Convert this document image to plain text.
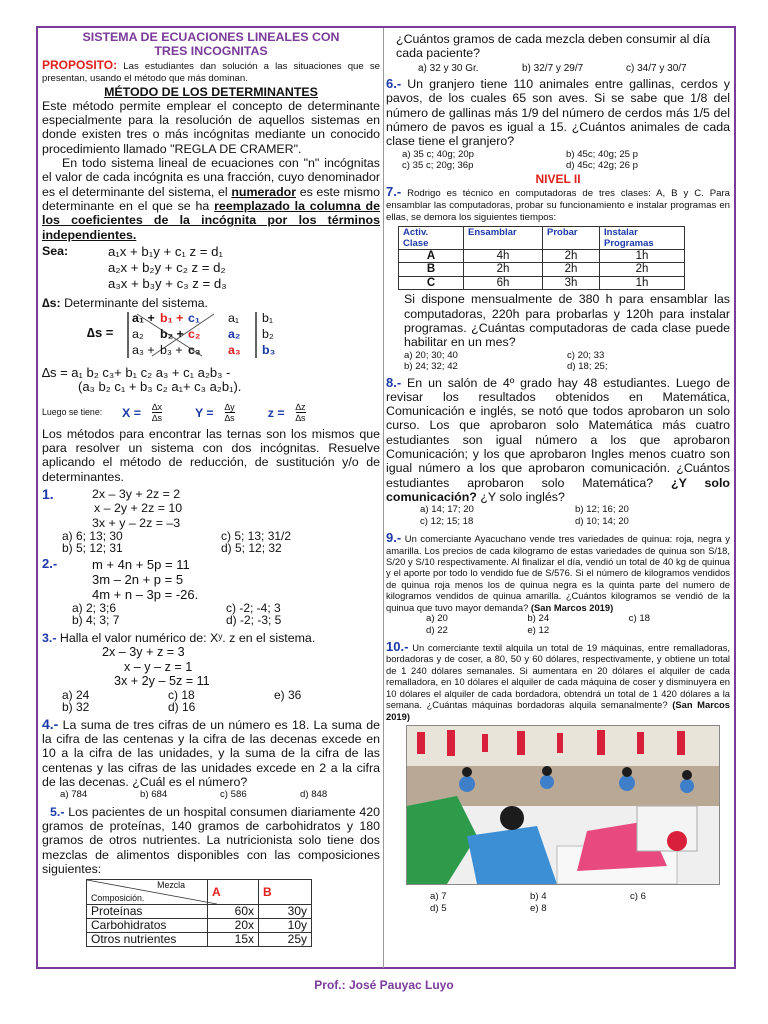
SISTEMA DE ECUACIONES LINEALES CON

TRES INCOGNITAS

PROPOSITO: Las estudiantes dan solución a las situaciones que se presentan, usando el método que más dominan.

MÉTODO DE LOS DETERMINANTES

Este método permite emplear el concepto de determinante especialmente para la resolución de aquellos sistemas en donde existen tres o más incógnitas mediante un conocido procedimiento llamado "REGLA DE CRAMER".

En todo sistema lineal de ecuaciones con "n" incógnitas el valor de cada incógnita es una fracción, cuyo denominador es el determinante del sistema, el numerador es este mismo determinante en el que se ha reemplazado la columna de los coeficientes de la incógnita por los términos independientes.

Sea:	a₁x + b₁y + c₁ z = d₁

a₂x + b₂y + c₂ z = d₂

a₃x + b₃y + c₃ z = d₃

∆s: Determinante del sistema.

∆s =
a₁ + b₁ + c₁	a₁	b₁
a₂	b₂ + c₂	a₂	b₂
a₃ + b₃ + c₃	a₃	b₃

∆s = a₁ b₂ c₃+ b₁ c₂ a₃ + c₁ a₂b₃ -

(a₃ b₂ c₁ + b₃ c₂ a₁+ c₃ a₂b₁).

Luego se tiene:	$X = \frac{\Delta x}{\Delta s}$ $Y = \frac{\Delta y}{\Delta s}$ $z = \frac{\Delta z}{\Delta s}$

Los métodos para encontrar las ternas son los mismos que para resolver un sistema con dos incógnitas. Resuelve aplicando el método de reducción, de sustitución y/o de determinantes.

1.	2x – 3y + 2z = 2

x – 2y + 2z = 10

3x + y – 2z = –3

a) 6; 13; 30	c) 5; 13; 31/2
b) 5; 12; 31	d) 5; 12; 32
2.-	m + 4n + 5p = 11

3m – 2n + p = 5

4m + n – 3p = -26.

a) 2; 3;6	c) -2; -4; 3
b) 4; 3; 7	d) -2; -3; 5

3.- Halla el valor numérico de: Xʸ. z en el sistema.

2x – 3y + z = 3

x – y – z = 1

3x + 2y – 5z = 11

a) 24	c) 18	e) 36
b) 32	d) 16

4.- La suma de tres cifras de un número es 18. La suma de la cifra de las centenas y la cifra de las decenas excede en 10 a la cifra de las unidades, y la suma de la cifra de las centenas y las cifras de las unidades excede en 2 a la cifra de las decenas. ¿Cuál es el número?

a) 784	b) 684	c) 586	d) 848

5.- Los pacientes de un hospital consumen diariamente 420 gramos de proteínas, 140 gramos de carbohidratos y 180 gramos de otros nutrientes. La nutricionista solo tiene dos mezclas de alimentos disponibles con las composiciones siguientes:

Mezcla
Composición.	A	B
Proteínas	60x	30y
Carbohidratos	20x	10y
Otros nutrientes	15x	25y

¿Cuántos gramos de cada mezcla deben consumir al día cada paciente?

a) 32 y 30 Gr.	b) 32/7 y 29/7	c) 34/7 y 30/7

6.- Un granjero tiene 110 animales entre gallinas, cerdos y pavos, de los cuales 65 son aves. Si se sabe que 1/8 del número de gallinas más 1/9 del número de cerdos más 1/5 del número de pavos es igual a 15. ¿Cuántos animales de cada clase tiene el granjero?

a) 35 c; 40g; 20p	b) 45c; 40g; 25 p
c) 35 c; 20g; 36p	d) 45c; 42g; 26 p

NIVEL II

7.- Rodrigo es técnico en computadoras de tres clases: A, B y C. Para ensamblar las computadoras, probar su funcionamiento e instalar programas en ellas, se demora los siguientes tiempos:

Activ.
Clase	Ensamblar	Probar	Instalar
Programas
A	4h	2h	1h
B	2h	2h	2h
C	6h	3h	1h

Si dispone mensualmente de 380 h para ensamblar las computadoras, 220h para probarlas y 120h para instalar programas. ¿Cuántas computadoras de cada clase puede habilitar en un mes?

a) 20; 30; 40	c) 20; 33
b) 24; 32; 42	d) 18; 25;

8.- En un salón de 4º grado hay 48 estudiantes. Luego de revisar los resultados obtenidos en Matemática, Comunicación e inglés, se notó que todos aprobaron un solo curso. Los que aprobaron solo Matemática más cuatro estudiantes son igual número a los que aprobaron Comunicación; y los que aprobaron Ingles menos cuatro son igual número a los que aprobaron comunicación. ¿Cuántos estudiantes aprobaron solo Matemática? ¿Y solo comunicación? ¿Y solo inglés?

a) 14; 17; 20	b) 12; 16; 20
c) 12; 15; 18	d) 10; 14; 20

9.- Un comerciante Ayacuchano vende tres variedades de quinua: roja, negra y amarilla. Los precios de cada kilogramo de estas variedades de quinua son S/18, S/20 y S/10 respectivamente. Al finalizar el día, vendió un total de 40 kg de quinua y el aporte por todo lo vendido fue de S/576. Si el número de kilogramos vendidos de quinua roja menos los de quinua negra es la quinta parte del numero de kilogramos vendidos de quinua amarilla. ¿Cuántos kilogramos se vendió de la quinua que tuvo mayor demanda? (San Marcos 2019)

a) 20	b) 24	c) 18
d) 22	e) 12

10.- Un comerciante textil alquila un total de 19 máquinas, entre remalladoras, bordadoras y de coser, a 80, 50 y 60 dólares, respectivamente, y obtiene un total de 1 240 dólares semanales. Si aumentara en 20 dólares el alquiler de cada remalladora, en 10 dólares el alquiler de cada máquina de coser y disminuyera en 10 dólares el alquiler de cada bordadora, obtendrá un total de 1 420 dólares a la semana. ¿Cuántas máquinas bordadoras alquila semanalmente? (San Marcos 2019)

a) 7	b) 4	c) 6
d) 5	e) 8
Prof.: José Pauyac Luyo
